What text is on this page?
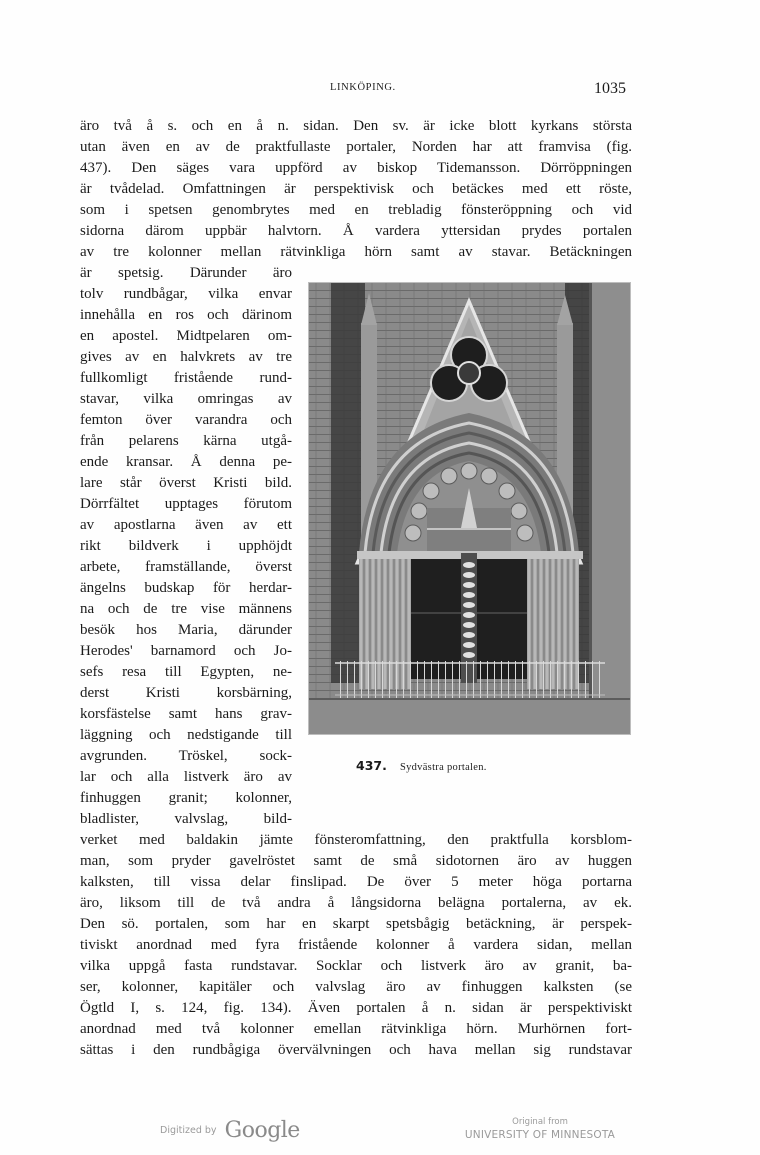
LINKÖPING.	1035
äro två å s. och en å n. sidan. Den sv. är icke blott kyrkans största
utan även en av de praktfullaste portaler, Norden har att framvisa (fig.
437). Den säges vara uppförd av biskop Tidemansson. Dörröppningen
är tvådelad. Omfattningen är perspektivisk och betäckes med ett röste,
som i spetsen genombrytes med en trebladig fönsteröppning och vid
sidorna därom uppbär halvtorn. Å vardera yttersidan prydes portalen
av tre kolonner mellan rätvinkliga hörn samt av stavar. Betäckningen
är spetsig. Därunder äro
tolv rundbågar, vilka envar
innehålla en ros och därinom
en apostel. Midtpelaren om-
gives av en halvkrets av tre
fullkomligt fristående rund-
stavar, vilka omringas av
femton över varandra och
från pelarens kärna utgå-
ende kransar. Å denna pe-
lare står överst Kristi bild.
Dörrfältet upptages förutom
av apostlarna även av ett
rikt bildverk i upphöjdt
arbete, framställande, överst
ängelns budskap för herdar-
na och de tre vise männens
besök hos Maria, därunder
Herodes' barnamord och Jo-
sefs resa till Egypten, ne-
derst Kristi korsbärning,
korsfästelse samt hans grav-
läggning och nedstigande till
avgrunden. Tröskel, sock-
lar och alla listverk äro av
finhuggen granit; kolonner,
bladlister, valvslag, bild-
verket med baldakin jämte fönsteromfattning, den praktfulla korsblom-
man, som pryder gavelröstet samt de små sidotornen äro av huggen
kalksten, till vissa delar finslipad. De över 5 meter höga portarna
äro, liksom till de två andra å långsidorna belägna portalerna, av ek.
Den sö. portalen, som har en skarpt spetsbågig betäckning, är perspek-
tiviskt anordnad med fyra fristående kolonner å vardera sidan, mellan
vilka uppgå fasta rundstavar. Socklar och listverk äro av granit, ba-
ser, kolonner, kapitäler och valvslag äro av finhuggen kalksten (se
Ögtld I, s. 124, fig. 134). Även portalen å n. sidan är perspektiviskt
anordnad med två kolonner emellan rätvinkliga hörn. Murhörnen fort-
sättas i den rundbågiga övervälvningen och hava mellan sig rundstavar
437. Sydvästra portalen.
Digitized by Google	Original from
UNIVERSITY OF MINNESOTA
